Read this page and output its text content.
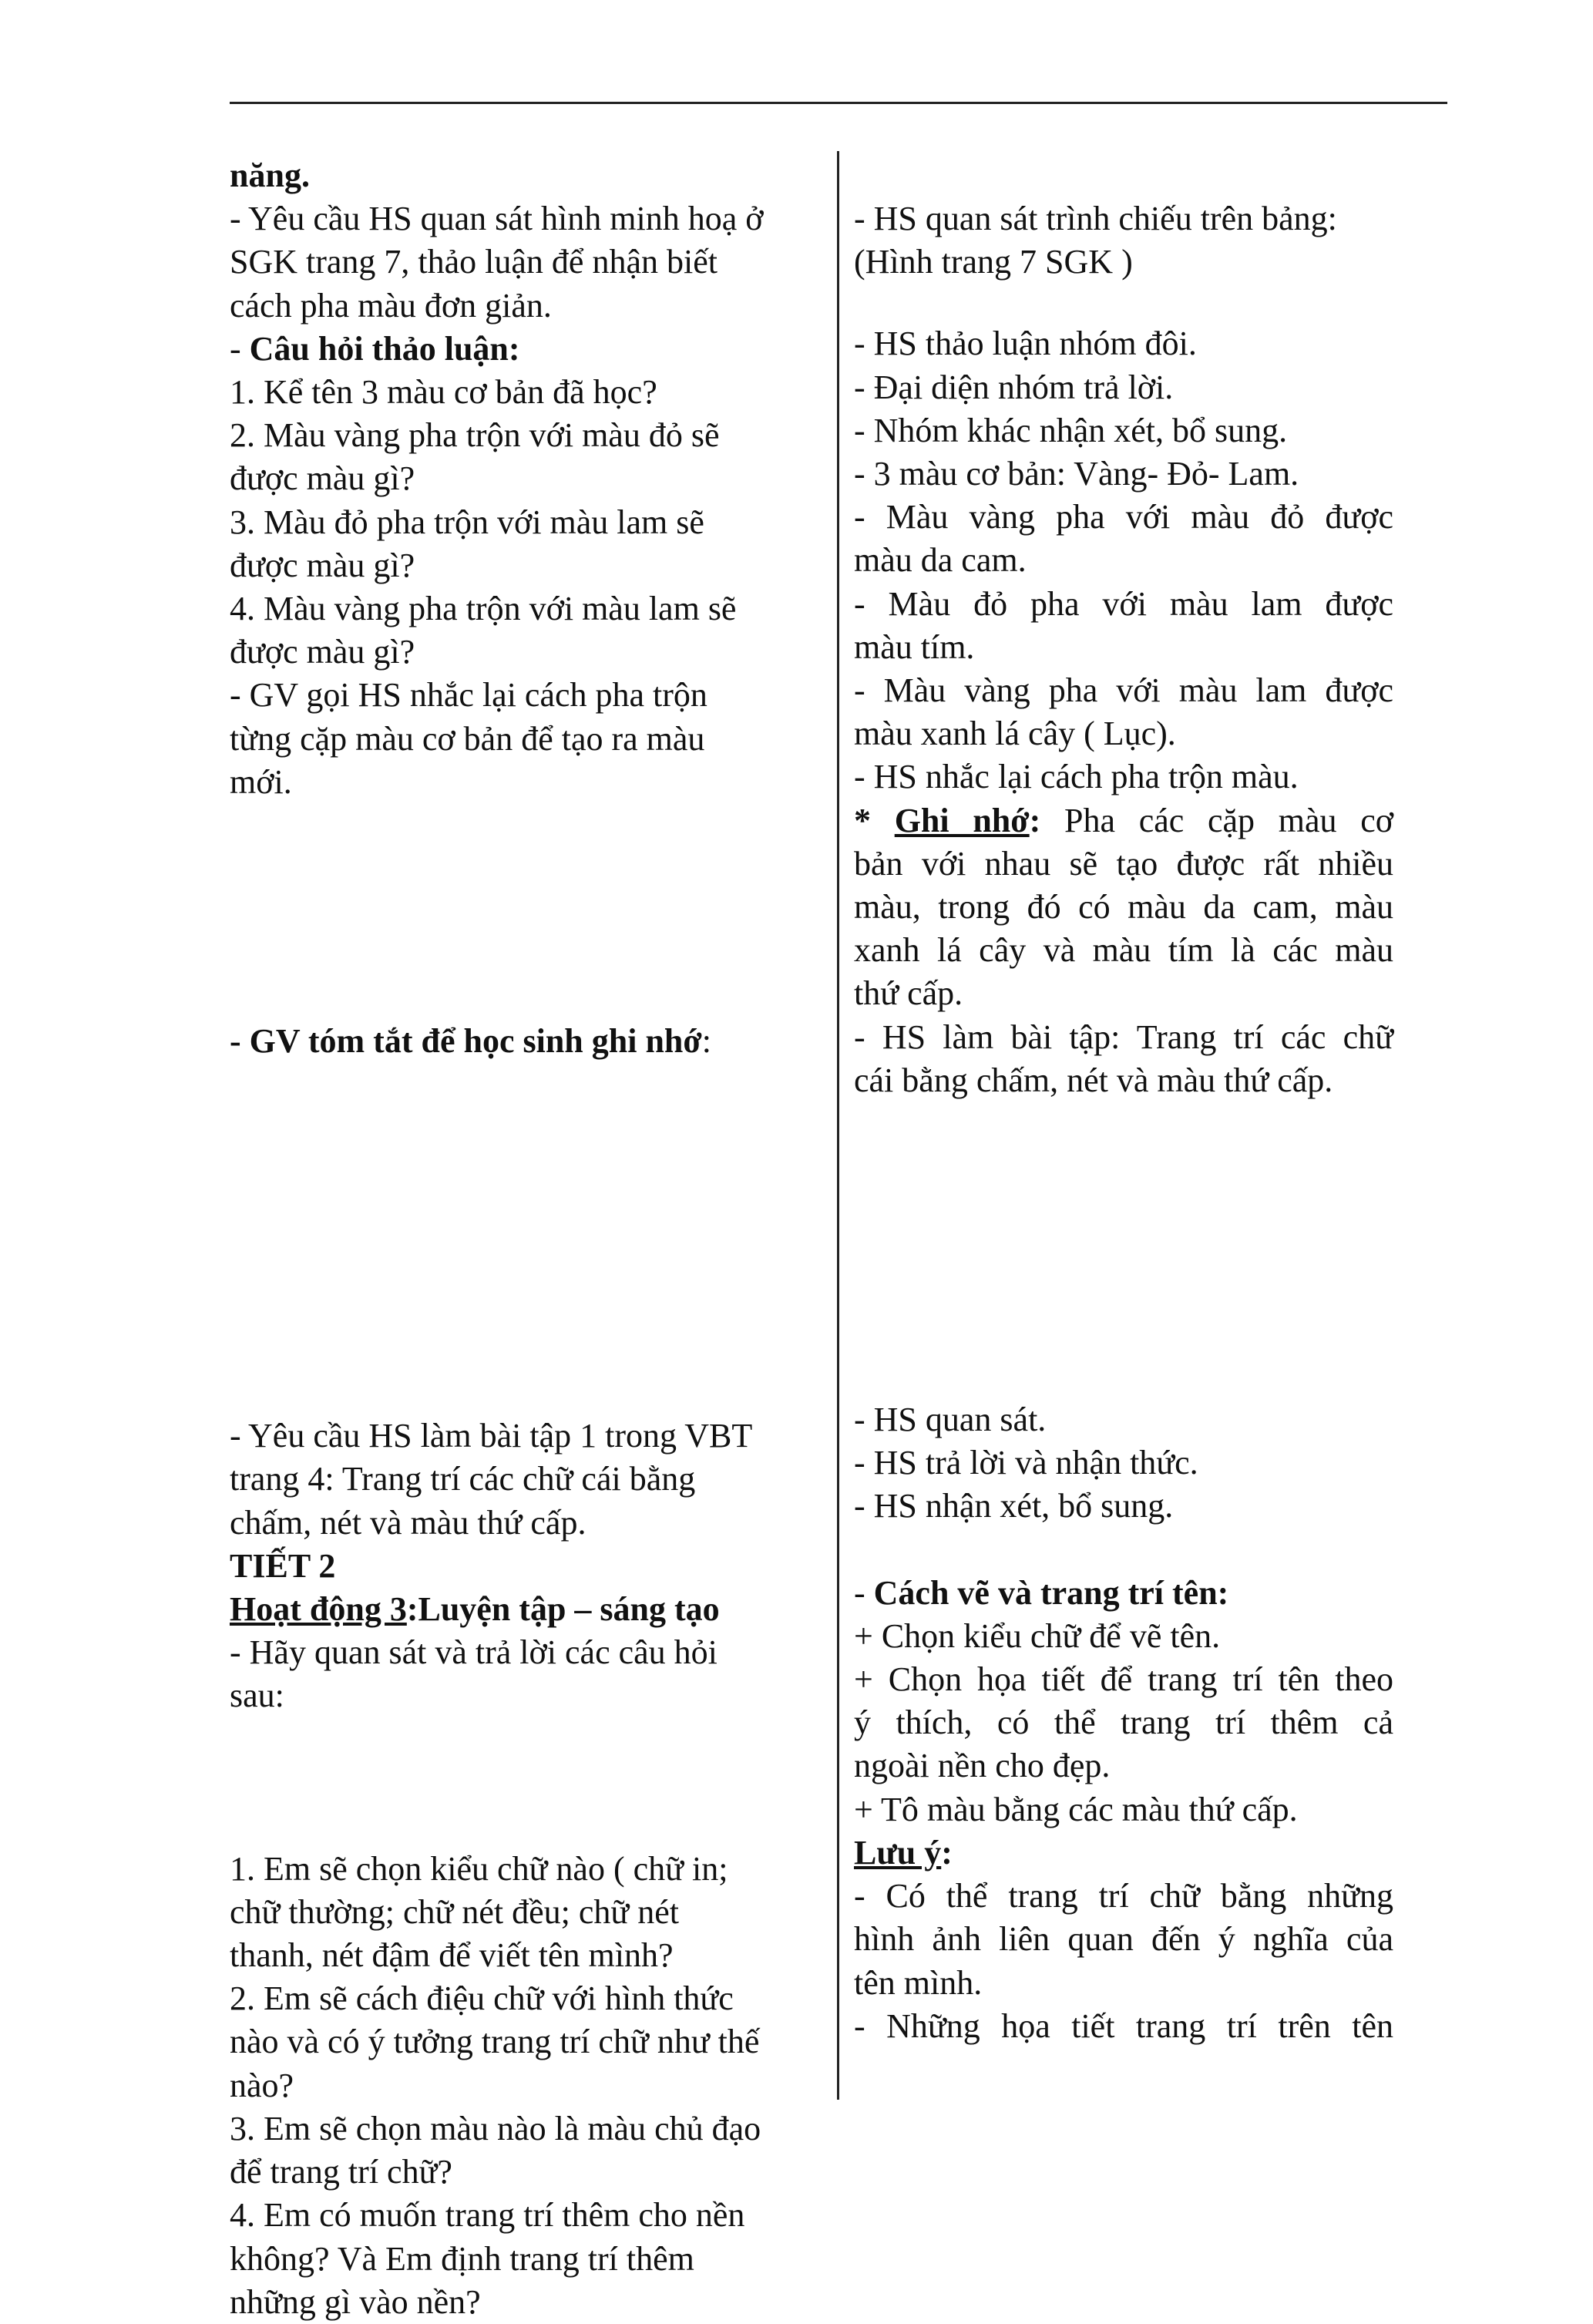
năng.
- Yêu cầu HS quan sát hình minh hoạ ở
SGK trang 7, thảo luận để nhận biết
cách pha màu đơn giản.
- Câu hỏi thảo luận:
1. Kể tên 3 màu cơ bản đã học?
2. Màu vàng pha trộn với màu đỏ sẽ
được màu gì?
3. Màu đỏ pha trộn với màu lam sẽ
được màu gì?
4. Màu vàng pha trộn với màu lam sẽ
được màu gì?
- GV gọi HS nhắc lại cách pha trộn
từng cặp màu cơ bản để tạo ra màu
mới.
- GV tóm tắt để học sinh ghi nhớ:
- Yêu cầu HS làm bài tập 1 trong VBT
trang 4: Trang trí các chữ cái bằng
chấm, nét và màu thứ cấp.
TIẾT 2
Hoạt động 3:Luyện tập – sáng tạo
- Hãy quan sát và trả lời các câu hỏi
sau:
1. Em sẽ chọn kiểu chữ nào ( chữ in;
chữ thường; chữ nét đều; chữ nét
thanh, nét đậm để viết tên mình?
2. Em sẽ cách điệu chữ với hình thức
nào và có ý tưởng trang trí chữ như thế
nào?
3. Em sẽ chọn màu nào là màu chủ đạo
để trang trí chữ?
4. Em có muốn trang trí thêm cho nền
không? Và Em định trang trí thêm
những gì vào nền?
- HS quan sát trình chiếu trên bảng:
(Hình trang 7 SGK )
- HS thảo luận nhóm đôi.
- Đại diện nhóm trả lời.
- Nhóm khác nhận xét, bổ sung.
- 3 màu cơ bản: Vàng- Đỏ- Lam.
- Màu vàng pha với màu đỏ được
màu da cam.
- Màu đỏ pha với màu lam được
màu tím.
- Màu vàng pha với màu lam được
màu xanh lá cây ( Lục).
- HS nhắc lại cách pha trộn màu.
* Ghi nhớ: Pha các cặp màu cơ
bản với nhau sẽ tạo được rất nhiều
màu, trong đó có màu da cam, màu
xanh lá cây và màu tím là các màu
thứ cấp.
- HS làm bài tập: Trang trí các chữ
cái bằng chấm, nét và màu thứ cấp.
- HS quan sát.
- HS trả lời và nhận thức.
- HS nhận xét, bổ sung.
- Cách vẽ và trang trí tên:
+ Chọn kiểu chữ để vẽ tên.
+ Chọn họa tiết để trang trí tên theo
ý thích, có thể trang trí thêm cả
ngoài nền cho đẹp.
+ Tô màu bằng các màu thứ cấp.
Lưu ý:
- Có thể trang trí chữ bằng những
hình ảnh liên quan đến ý nghĩa của
tên mình.
- Những họa tiết trang trí trên tên
